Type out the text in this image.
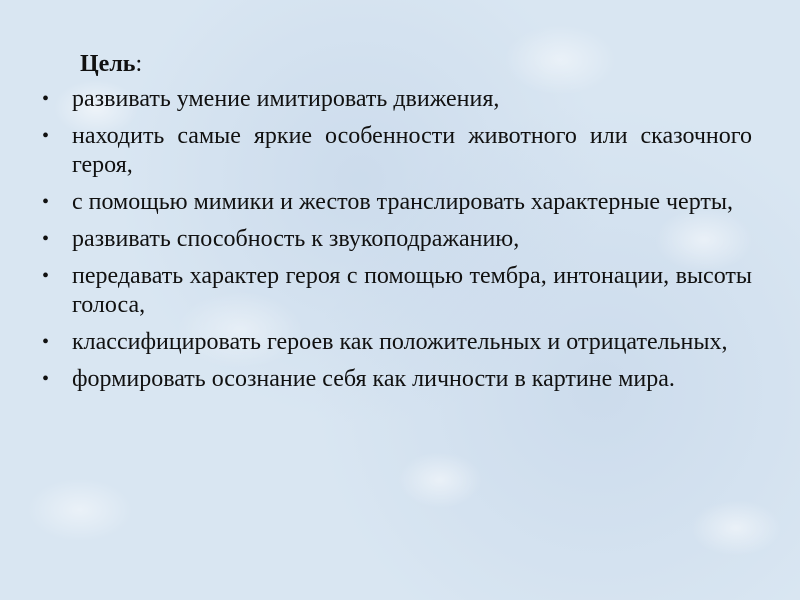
Цель:
• развивать умение имитировать движения,
• находить самые яркие особенности животного или сказочного героя,
• с помощью мимики и жестов транслировать характерные черты,
• развивать способность к звукоподражанию,
• передавать характер героя с помощью тембра, интонации, высоты голоса,
• классифицировать героев как положительных и отрицательных,
• формировать осознание себя как личности в картине мира.
